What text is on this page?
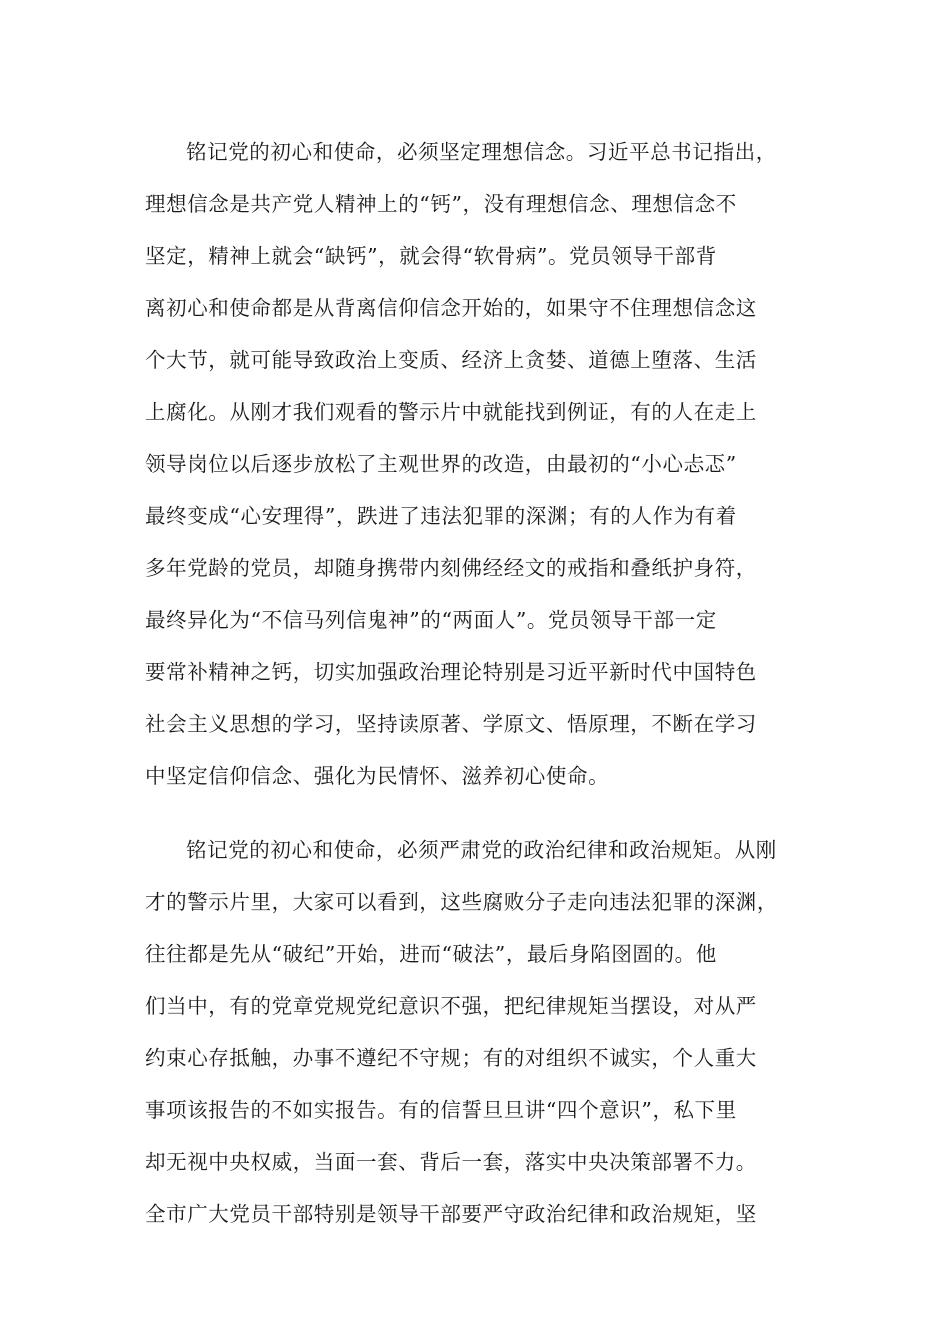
铭记党的初心和使命，必须坚定理想信念。习近平总书记指出，
理想信念是共产党人精神上的“钙”，没有理想信念、理想信念不
坚定，精神上就会“缺钙”，就会得“软骨病”。党员领导干部背
离初心和使命都是从背离信仰信念开始的，如果守不住理想信念这
个大节，就可能导致政治上变质、经济上贪婪、道德上堕落、生活
上腐化。从刚才我们观看的警示片中就能找到例证，有的人在走上
领导岗位以后逐步放松了主观世界的改造，由最初的“小心忐忑”
最终变成“心安理得”，跌进了违法犯罪的深渊；有的人作为有着
多年党龄的党员，却随身携带内刻佛经经文的戒指和叠纸护身符，
最终异化为“不信马列信鬼神”的“两面人”。党员领导干部一定
要常补精神之钙，切实加强政治理论特别是习近平新时代中国特色
社会主义思想的学习，坚持读原著、学原文、悟原理，不断在学习
中坚定信仰信念、强化为民情怀、滋养初心使命。
铭记党的初心和使命，必须严肃党的政治纪律和政治规矩。从刚
才的警示片里，大家可以看到，这些腐败分子走向违法犯罪的深渊，
往往都是先从“破纪”开始，进而“破法”，最后身陷囹圄的。他
们当中，有的党章党规党纪意识不强，把纪律规矩当摆设，对从严
约束心存抵触，办事不遵纪不守规；有的对组织不诚实，个人重大
事项该报告的不如实报告。有的信誓旦旦讲“四个意识”，私下里
却无视中央权威，当面一套、背后一套，落实中央决策部署不力。
全市广大党员干部特别是领导干部要严守政治纪律和政治规矩，坚
